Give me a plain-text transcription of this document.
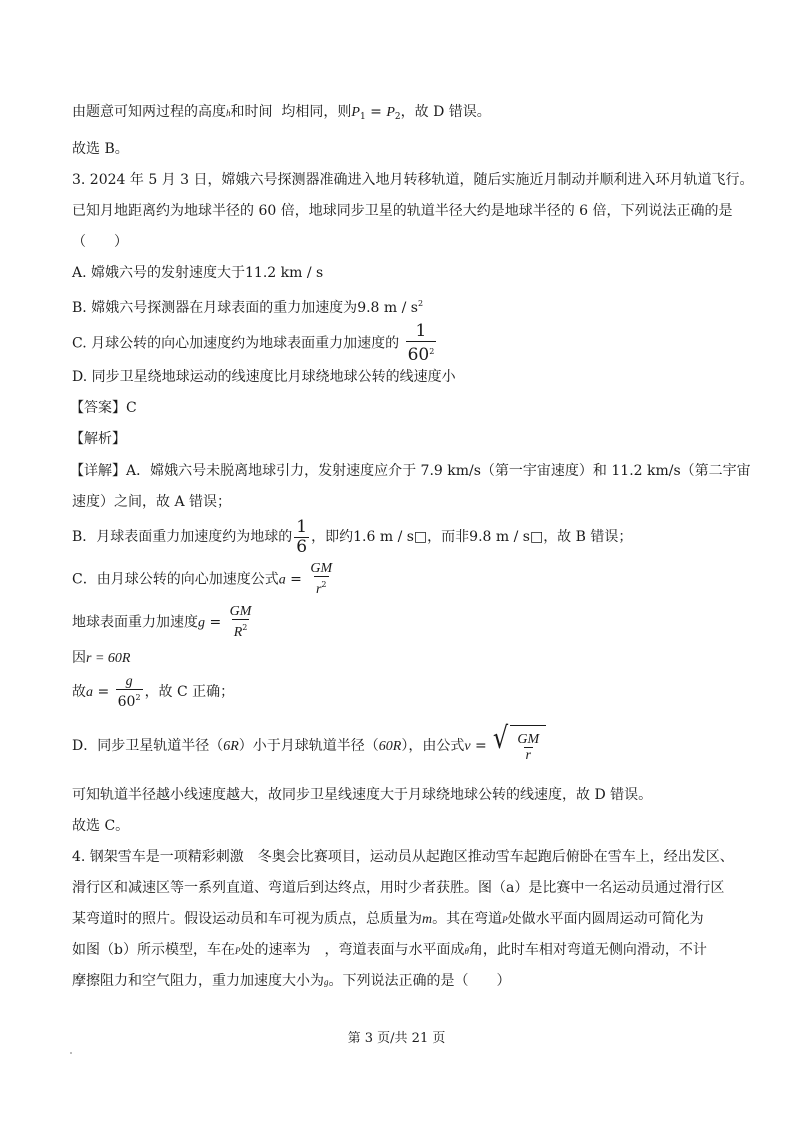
由题意可知两过程的高度h和时间 均相同，则$P_1 = P_2$，故 D 错误。
故选 B。
3. 2024 年 5 月 3 日，嫦娥六号探测器准确进入地月转移轨道，随后实施近月制动并顺利进入环月轨道飞行。
已知月地距离约为地球半径的 60 倍，地球同步卫星的轨道半径大约是地球半径的 6 倍，下列说法正确的是
（　　）
A. 嫦娥六号的发射速度大于11.2 km / s
B. 嫦娥六号探测器在月球表面的重力加速度为9.8 m / $s^2$
C. 月球公转的向心加速度约为地球表面重力加速度的 $\frac{1}{60^2}$
D. 同步卫星绕地球运动的线速度比月球绕地球公转的线速度小
【答案】C
【解析】
【详解】A．嫦娥六号未脱离地球引力，发射速度应介于 7.9 km/s（第一宇宙速度）和 11.2 km/s（第二宇宙
速度）之间，故 A 错误；
B．月球表面重力加速度约为地球的 $\frac{1}{6}$ ，即约1.6 m / s□，而非9.8 m / s□，故 B 错误；
C．由月球公转的向心加速度公式$a = \frac{GM}{r^2}$
地球表面重力加速度$g = \frac{GM}{R^2}$
因r = 60R
故$a = \frac{g}{60^2}$ ，故 C 正确；
D．同步卫星轨道半径（6R）小于月球轨道半径（60R），由公式v = √ $\frac{GM}{r}$
可知轨道半径越小线速度越大，故同步卫星线速度大于月球绕地球公转的线速度，故 D 错误。
故选 C。
4. 钢架雪车是一项精彩刺激　冬奥会比赛项目，运动员从起跑区推动雪车起跑后俯卧在雪车上，经出发区、
滑行区和减速区等一系列直道、弯道后到达终点，用时少者获胜。图（a）是比赛中一名运动员通过滑行区
某弯道时的照片。假设运动员和车可视为质点，总质量为m。其在弯道P处做水平面内圆周运动可简化为
如图（b）所示模型，车在P处的速率为　，弯道表面与水平面成θ角，此时车相对弯道无侧向滑动，不计
摩擦阻力和空气阻力，重力加速度大小为g。下列说法正确的是（　　）
第 3 页/共 21 页
